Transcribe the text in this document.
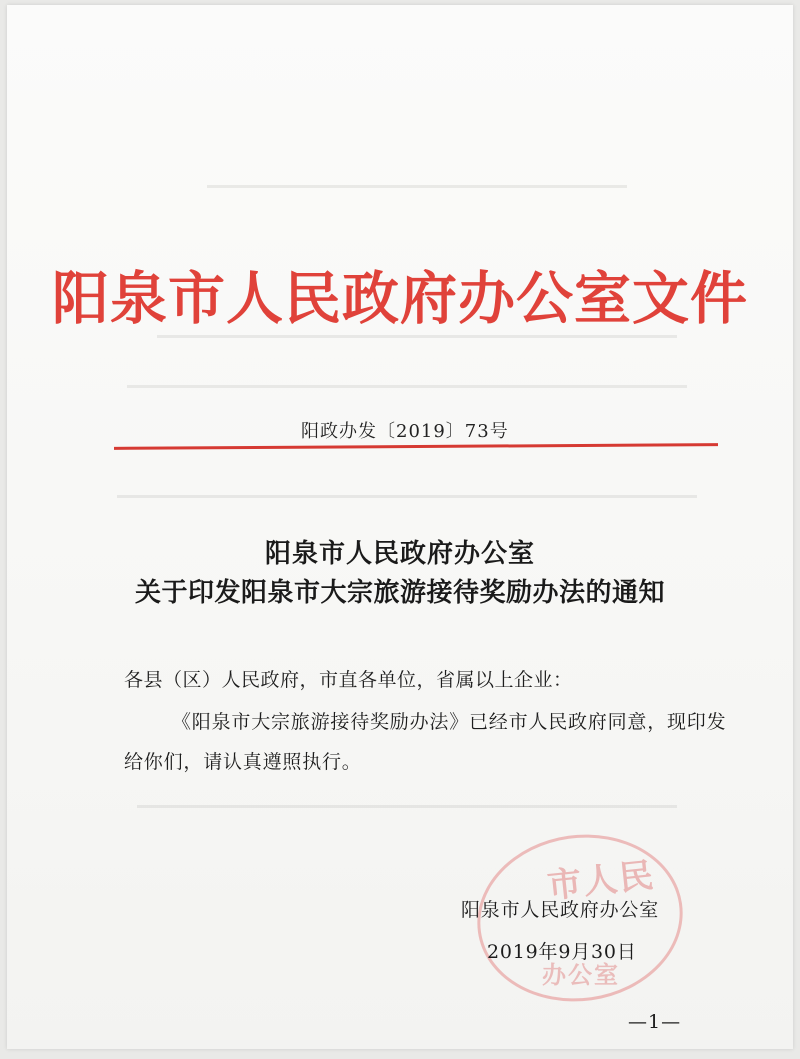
阳泉市人民政府办公室文件
阳政办发〔2019〕73号
阳泉市人民政府办公室
关于印发阳泉市大宗旅游接待奖励办法的通知
各县（区）人民政府，市直各单位，省属以上企业：
《阳泉市大宗旅游接待奖励办法》已经市人民政府同意，现印发给你们，请认真遵照执行。
市人民
办公室
阳泉市人民政府办公室
2019年9月30日
—1—
